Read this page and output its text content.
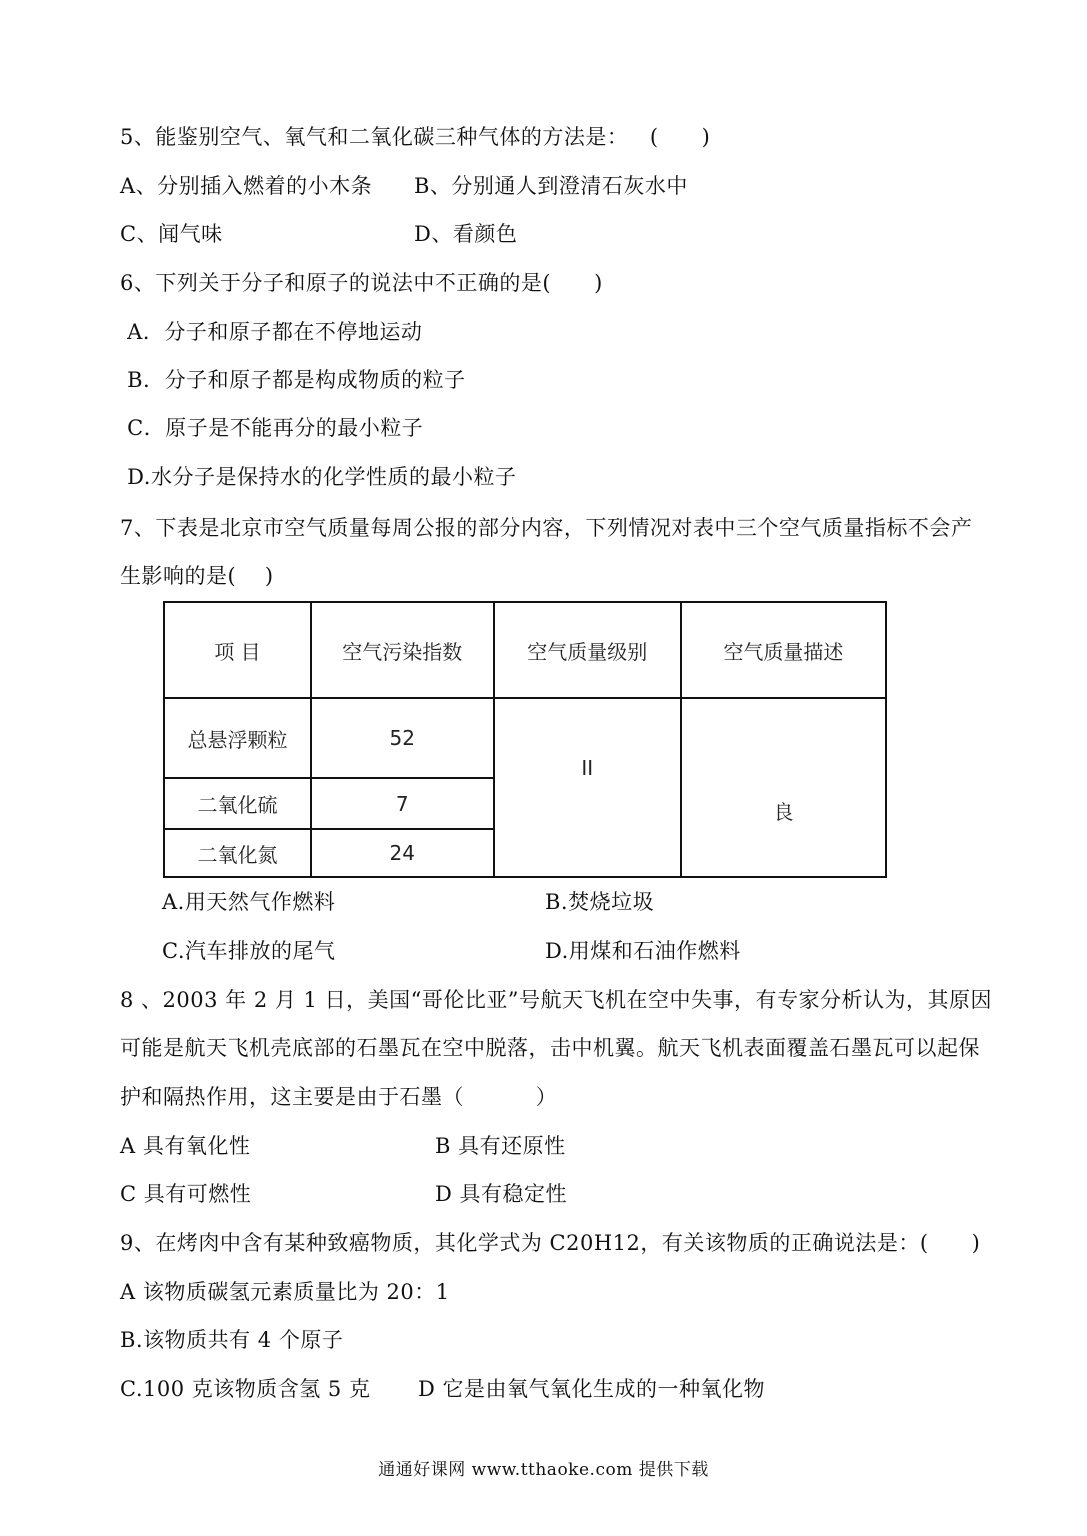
5、能鉴别空气、氧气和二氧化碳三种气体的方法是：   (      )
A、分别插入燃着的小木条 B、分别通人到澄清石灰水中
C、闻气味	D、看颜色
6、下列关于分子和原子的说法中不正确的是(      )
A．分子和原子都在不停地运动
B．分子和原子都是构成物质的粒子
C．原子是不能再分的最小粒子
D.水分子是保持水的化学性质的最小粒子
7、下表是北京市空气质量每周公报的部分内容，下列情况对表中三个空气质量指标不会产
生影响的是(    )
项 目	空气污染指数	空气质量级别	空气质量描述
总悬浮颗粒	52	II	良
二氧化硫	7		
二氧化氮	24		
A.用天然气作燃料	B.焚烧垃圾
C.汽车排放的尾气	D.用煤和石油作燃料
8 、2003 年 2 月 1 日，美国“哥伦比亚”号航天飞机在空中失事，有专家分析认为，其原因
可能是航天飞机壳底部的石墨瓦在空中脱落，击中机翼。航天飞机表面覆盖石墨瓦可以起保
护和隔热作用，这主要是由于石墨（          ）
A 具有氧化性	B 具有还原性
C 具有可燃性	D 具有稳定性
9、在烤肉中含有某种致癌物质，其化学式为 C20H12，有关该物质的正确说法是：(      )
A 该物质碳氢元素质量比为 20：1
B.该物质共有 4 个原子
C.100 克该物质含氢 5 克 D 它是由氧气氧化生成的一种氧化物
通通好课网 www.tthaoke.com 提供下载
